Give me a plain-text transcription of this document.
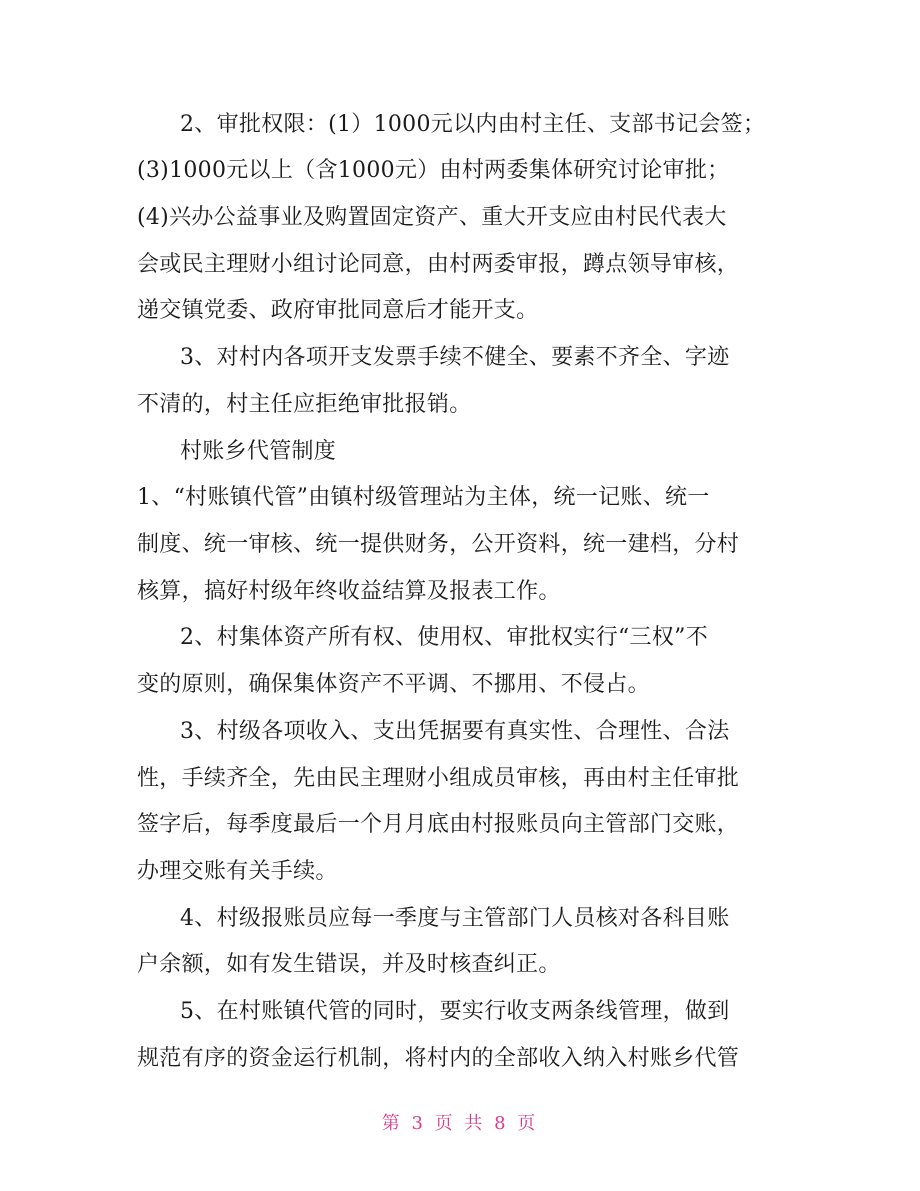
2、审批权限：(1）1000元以内由村主任、支部书记会签；

(3)1000元以上（含1000元）由村两委集体研究讨论审批；

(4)兴办公益事业及购置固定资产、重大开支应由村民代表大

会或民主理财小组讨论同意，由村两委审报，蹲点领导审核，

递交镇党委、政府审批同意后才能开支。

3、对村内各项开支发票手续不健全、要素不齐全、字迹

不清的，村主任应拒绝审批报销。

村账乡代管制度

1、“村账镇代管”由镇村级管理站为主体，统一记账、统一

制度、统一审核、统一提供财务，公开资料，统一建档，分村

核算，搞好村级年终收益结算及报表工作。

2、村集体资产所有权、使用权、审批权实行“三权”不

变的原则，确保集体资产不平调、不挪用、不侵占。

3、村级各项收入、支出凭据要有真实性、合理性、合法

性，手续齐全，先由民主理财小组成员审核，再由村主任审批

签字后，每季度最后一个月月底由村报账员向主管部门交账，

办理交账有关手续。

4、村级报账员应每一季度与主管部门人员核对各科目账

户余额，如有发生错误，并及时核查纠正。

5、在村账镇代管的同时，要实行收支两条线管理，做到

规范有序的资金运行机制，将村内的全部收入纳入村账乡代管

第 3 页 共 8 页
